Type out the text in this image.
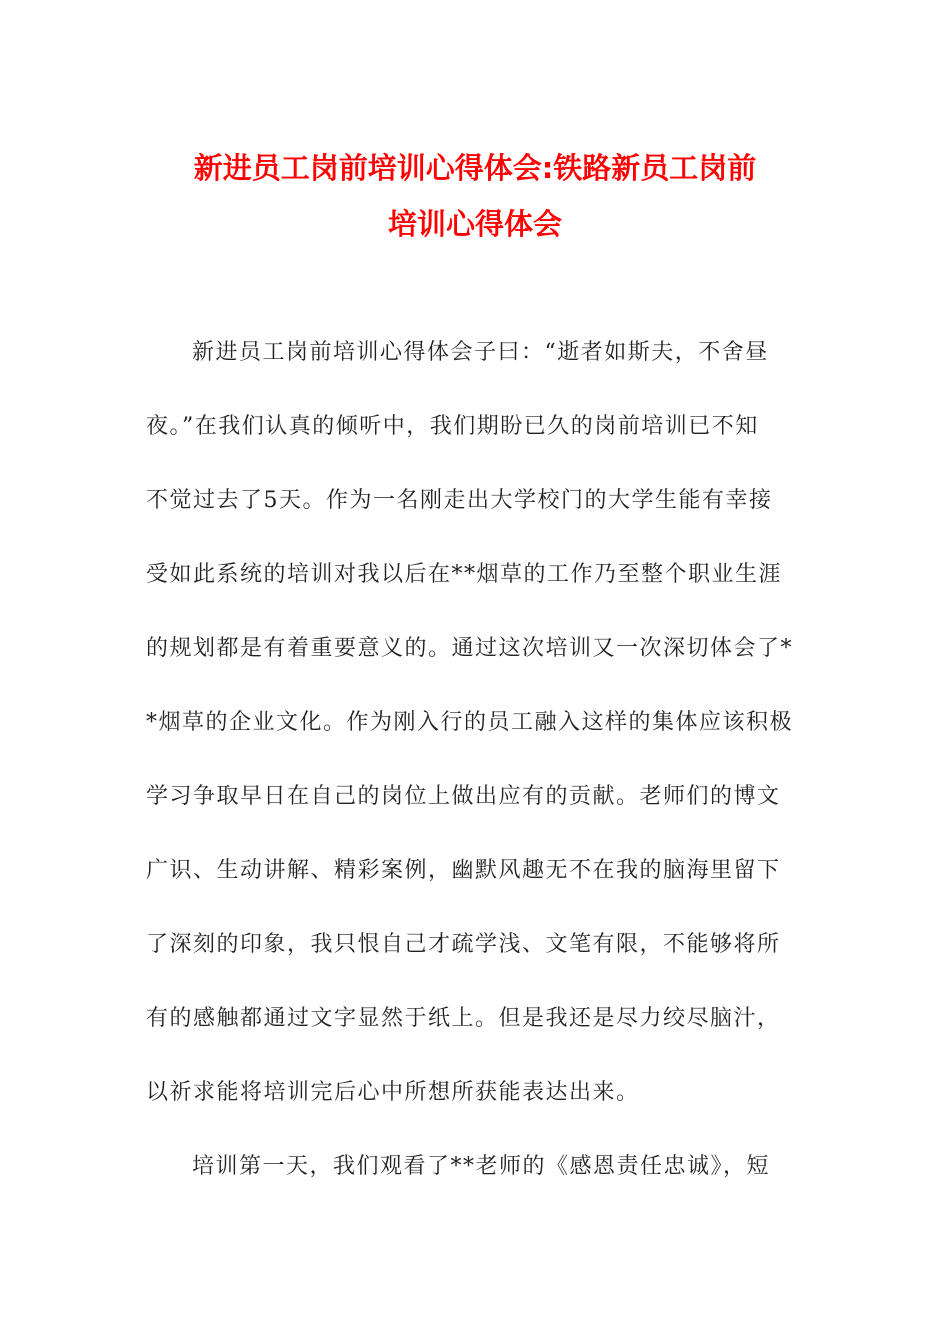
新进员工岗前培训心得体会:铁路新员工岗前
培训心得体会
新进员工岗前培训心得体会子曰：“逝者如斯夫，不舍昼
夜。”在我们认真的倾听中，我们期盼已久的岗前培训已不知
不觉过去了5天。作为一名刚走出大学校门的大学生能有幸接
受如此系统的培训对我以后在**烟草的工作乃至整个职业生涯
的规划都是有着重要意义的。通过这次培训又一次深切体会了*
*烟草的企业文化。作为刚入行的员工融入这样的集体应该积极
学习争取早日在自己的岗位上做出应有的贡献。老师们的博文
广识、生动讲解、精彩案例，幽默风趣无不在我的脑海里留下
了深刻的印象，我只恨自己才疏学浅、文笔有限，不能够将所
有的感触都通过文字显然于纸上。但是我还是尽力绞尽脑汁，
以祈求能将培训完后心中所想所获能表达出来。
培训第一天，我们观看了**老师的《感恩责任忠诚》，短
